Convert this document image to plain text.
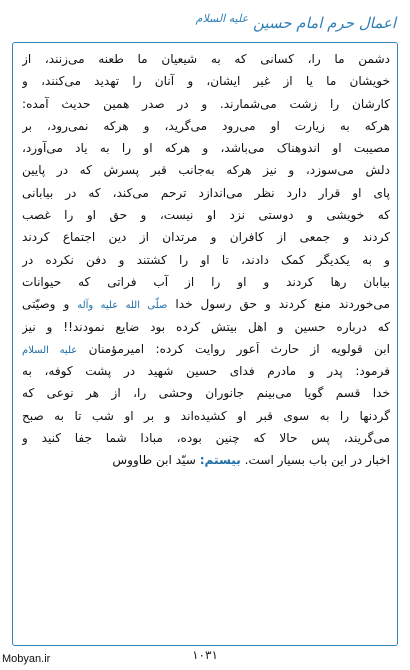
اعمال حرم امام حسین $^{عليه السلام}$
دشمن ما را، کسانی که به شیعیان ما طعنه می‌زنند، از
خویشان ما یا از غیر ایشان، و آنان را تهدید می‌کنند، و
کارشان را زشت می‌شمارند. و در صدر همین حدیث آمده:
هرکه به زیارت او می‌رود می‌گرید، و هرکه نمی‌رود، بر
مصیبت او اندوهناک می‌باشد، و هرکه او را به یاد می‌آورد،
دلش می‌سوزد، و نیز هرکه به‌جانب قبر پسرش که در پایین
پای او قرار دارد نظر می‌اندازد ترحم می‌کند، که در بیابانی
که خویشی و دوستی نزد او نیست، و حق او را غصب
کردند و جمعی از کافران و مرتدان از دین اجتماع کردند
و به یکدیگر کمک دادند، تا او را کشتند و دفن نکرده در
بیابان رها کردند و او را از آب فراتی که حیوانات
می‌خوردند منع کردند و حق رسول خدا صلّى الله عليه وآله و وصیّتی
که درباره حسین و اهل بیتش کرده بود ضایع نمودند!! و نیز
ابن قولویه از حارث اَعور روایت کرده: امیرمؤمنان عليه السلام
فرمود: پدر و مادرم فدای حسین شهید در پشت کوفه، به
خدا قسم گویا می‌بینم جانوران وحشی را، از هر نوعی که
گردنها را به سوی قبر او کشیده‌اند و بر او شب تا به صبح
می‌گریند، پس حالا که چنین بوده، مبادا شما جفا کنید و
اخبار در این باب بسیار است. بیستم: سیّد ابن طاووس
۱۰۳۱
Mobyan.ir
